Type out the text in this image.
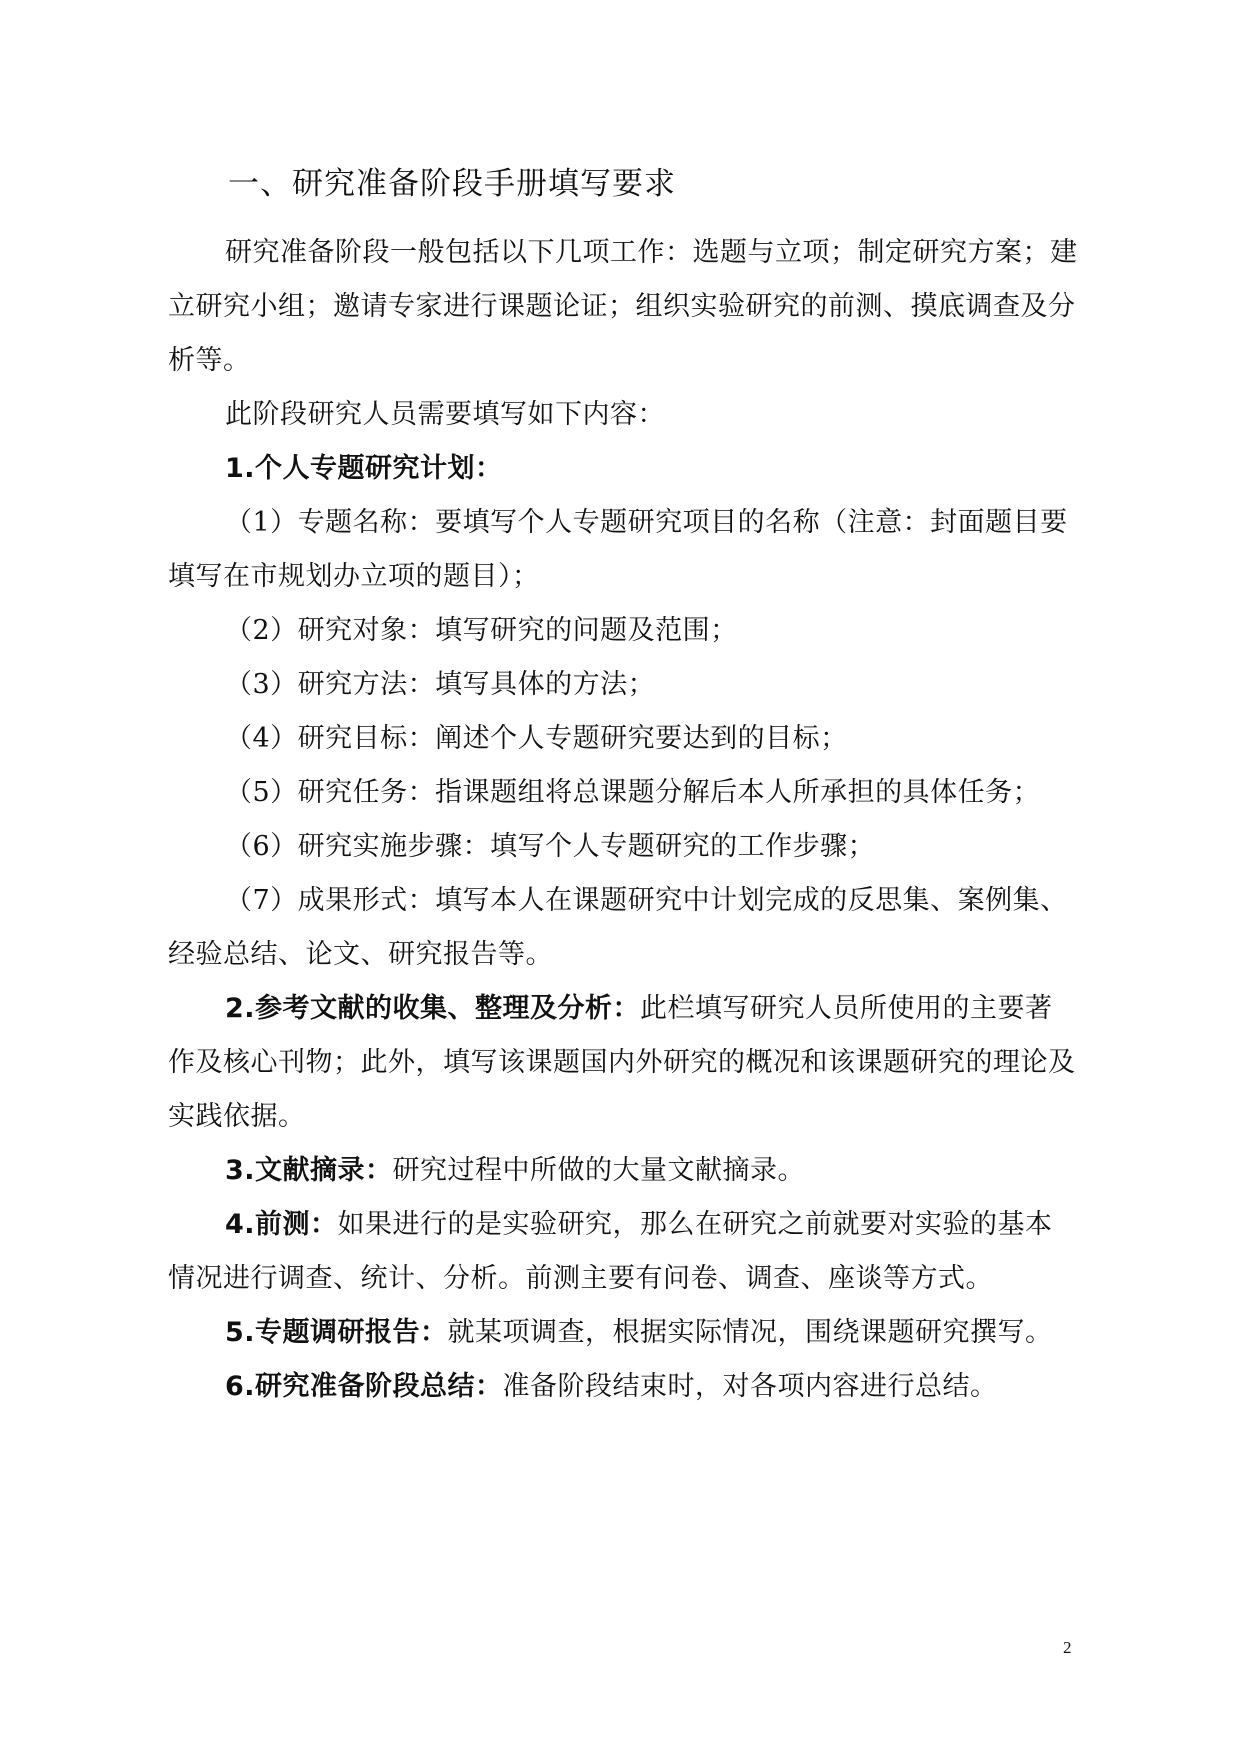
一、研究准备阶段手册填写要求

研究准备阶段一般包括以下几项工作：选题与立项；制定研究方案；建立研究小组；邀请专家进行课题论证；组织实验研究的前测、摸底调查及分析等。

此阶段研究人员需要填写如下内容：

1.个人专题研究计划：

（1）专题名称：要填写个人专题研究项目的名称（注意：封面题目要填写在市规划办立项的题目）；

（2）研究对象：填写研究的问题及范围；

（3）研究方法：填写具体的方法；

（4）研究目标：阐述个人专题研究要达到的目标；

（5）研究任务：指课题组将总课题分解后本人所承担的具体任务；

（6）研究实施步骤：填写个人专题研究的工作步骤；

（7）成果形式：填写本人在课题研究中计划完成的反思集、案例集、经验总结、论文、研究报告等。

2.参考文献的收集、整理及分析：此栏填写研究人员所使用的主要著作及核心刊物；此外，填写该课题国内外研究的概况和该课题研究的理论及实践依据。

3.文献摘录：研究过程中所做的大量文献摘录。

4.前测：如果进行的是实验研究，那么在研究之前就要对实验的基本情况进行调查、统计、分析。前测主要有问卷、调查、座谈等方式。

5.专题调研报告：就某项调查，根据实际情况，围绕课题研究撰写。

6.研究准备阶段总结：准备阶段结束时，对各项内容进行总结。

2
